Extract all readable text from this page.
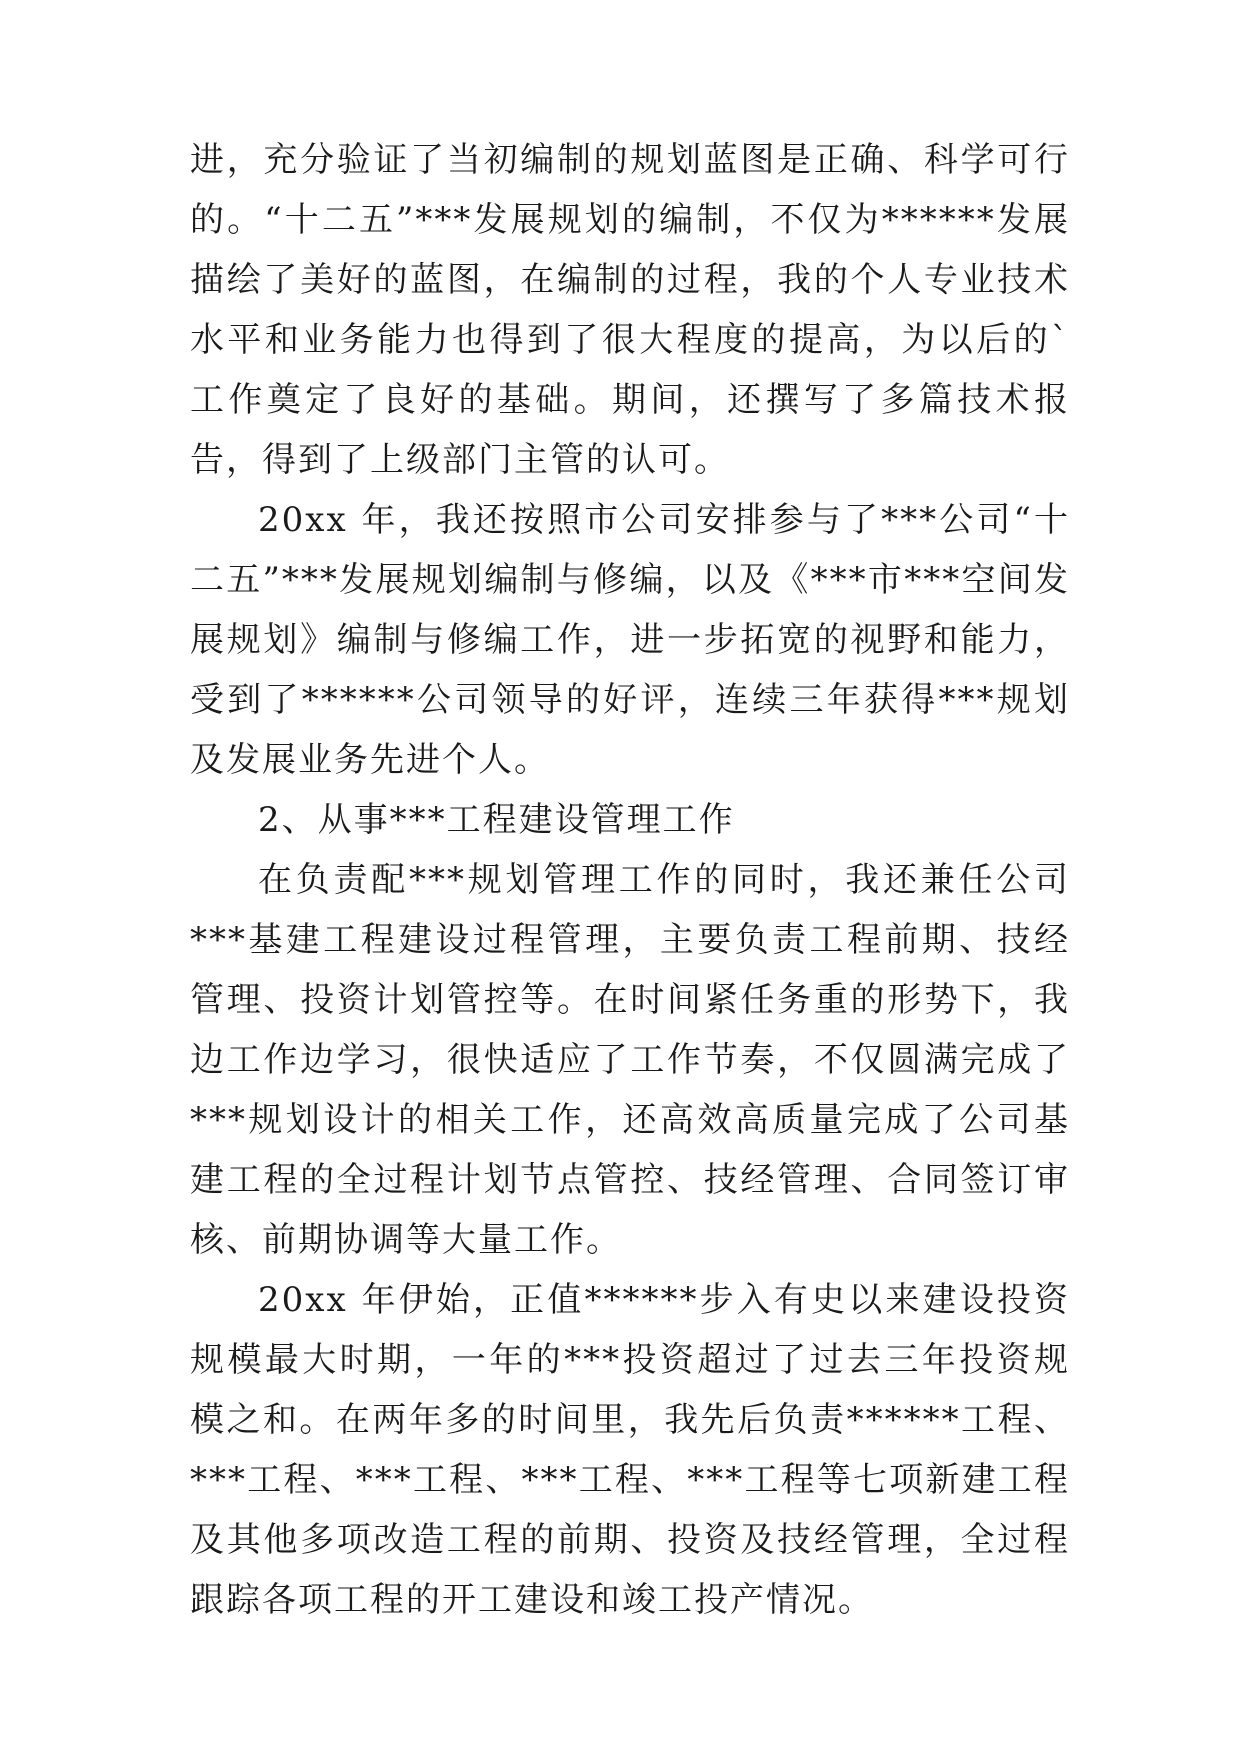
进，充分验证了当初编制的规划蓝图是正确、科学可行的。“十二五”***发展规划的编制，不仅为******发展描绘了美好的蓝图，在编制的过程，我的个人专业技术水平和业务能力也得到了很大程度的提高，为以后的`工作奠定了良好的基础。期间，还撰写了多篇技术报告，得到了上级部门主管的认可。

20xx 年，我还按照市公司安排参与了***公司“十二五”***发展规划编制与修编，以及《***市***空间发展规划》编制与修编工作，进一步拓宽的视野和能力，受到了******公司领导的好评，连续三年获得***规划及发展业务先进个人。

2、从事***工程建设管理工作

在负责配***规划管理工作的同时，我还兼任公司***基建工程建设过程管理，主要负责工程前期、技经管理、投资计划管控等。在时间紧任务重的形势下，我边工作边学习，很快适应了工作节奏，不仅圆满完成了***规划设计的相关工作，还高效高质量完成了公司基建工程的全过程计划节点管控、技经管理、合同签订审核、前期协调等大量工作。

20xx 年伊始，正值******步入有史以来建设投资规模最大时期，一年的***投资超过了过去三年投资规模之和。在两年多的时间里，我先后负责******工程、***工程、***工程、***工程、***工程等七项新建工程及其他多项改造工程的前期、投资及技经管理，全过程跟踪各项工程的开工建设和竣工投产情况。
